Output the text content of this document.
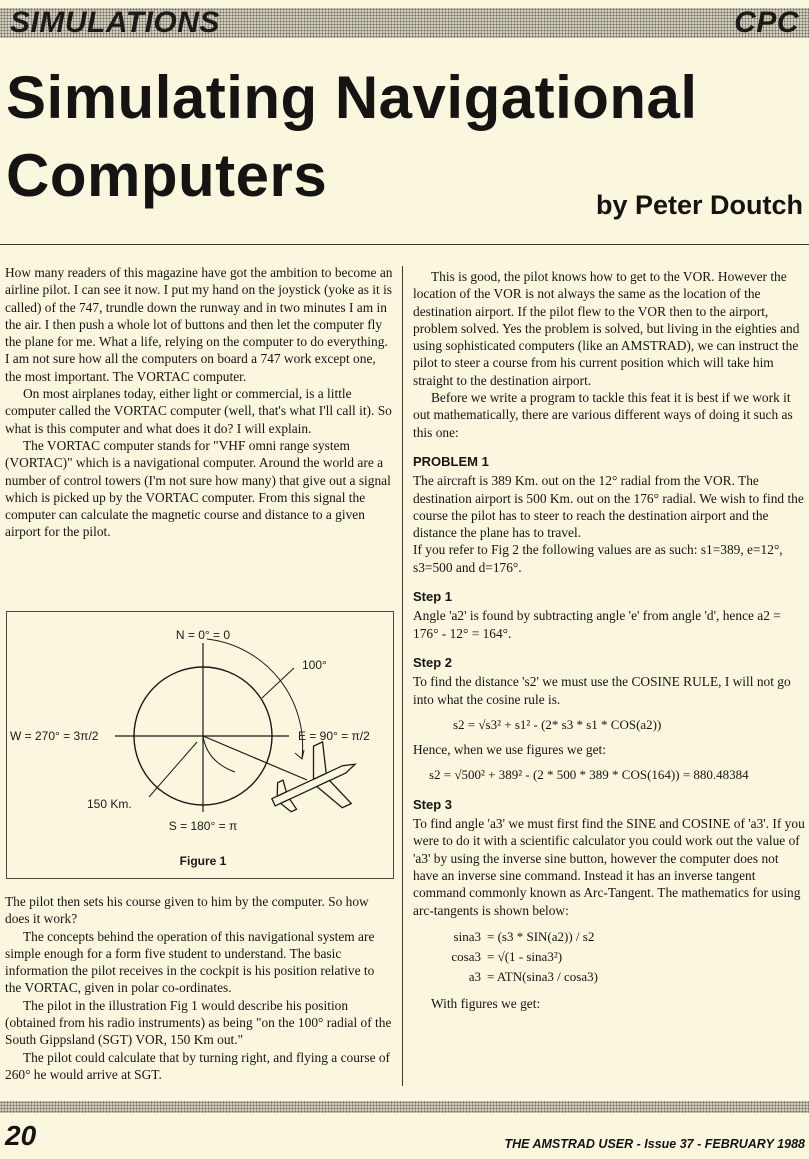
SIMULATIONS	CPC
Simulating Navigational
Computers	by Peter Doutch

How many readers of this magazine have got the ambition to become an airline pilot. I can see it now. I put my hand on the joystick (yoke as it is called) of the 747, trundle down the runway and in two minutes I am in the air. I then push a whole lot of buttons and then let the computer fly the plane for me. What a life, relying on the computer to do everything. I am not sure how all the computers on board a 747 work except one, the most important. The VORTAC computer.

On most airplanes today, either light or commercial, is a little computer called the VORTAC computer (well, that's what I'll call it). So what is this computer and what does it do? I will explain.

The VORTAC computer stands for "VHF omni range system (VORTAC)" which is a navigational computer. Around the world are a number of control towers (I'm not sure how many) that give out a signal which is picked up by the VORTAC computer. From this signal the computer can calculate the magnetic course and distance to a given airport for the pilot.

N = 0° = 0
S = 180° = π
E = 90° = π/2
W = 270° = 3π/2
100°
150 Km.
Figure 1

The pilot then sets his course given to him by the computer. So how does it work?

The concepts behind the operation of this navigational system are simple enough for a form five student to understand. The basic information the pilot receives in the cockpit is his position relative to the VORTAC, given in polar co-ordinates.

The pilot in the illustration Fig 1 would describe his position (obtained from his radio instruments) as being "on the 100° radial of the South Gippsland (SGT) VOR, 150 Km out."

The pilot could calculate that by turning right, and flying a course of 260° he would arrive at SGT.

This is good, the pilot knows how to get to the VOR. However the location of the VOR is not always the same as the location of the destination airport. If the pilot flew to the VOR then to the airport, problem solved. Yes the problem is solved, but living in the eighties and using sophisticated computers (like an AMSTRAD), we can instruct the pilot to steer a course from his current position which will take him straight to the destination airport.

Before we write a program to tackle this feat it is best if we work it out mathematically, there are various different ways of doing it such as this one:

PROBLEM 1

The aircraft is 389 Km. out on the 12° radial from the VOR. The destination airport is 500 Km. out on the 176° radial. We wish to find the course the pilot has to steer to reach the destination airport and the distance the plane has to travel.

If you refer to Fig 2 the following values are as such: s1=389, e=12°, s3=500 and d=176°.

Step 1

Angle 'a2' is found by subtracting angle 'e' from angle 'd', hence a2 = 176° - 12° = 164°.

Step 2

To find the distance 's2' we must use the COSINE RULE, I will not go into what the cosine rule is.

s2 = √s3² + s1² - (2* s3 * s1 * COS(a2))

Hence, when we use figures we get:

s2 = √500² + 389² - (2 * 500 * 389 * COS(164)) = 880.48384
Step 3

To find angle 'a3' we must first find the SINE and COSINE of 'a3'. If you were to do it with a scientific calculator you could work out the value of 'a3' by using the inverse sine button, however the computer does not have an inverse sine command. Instead it has an inverse tangent command commonly known as Arc-Tangent. The mathematics for using arc-tangents is shown below:

sina3 = (s3 * SIN(a2)) / s2
cosa3 = √(1 - sina3²)
a3 = ATN(sina3 / cosa3)

With figures we get:

20	THE AMSTRAD USER - Issue 37 - FEBRUARY 1988
